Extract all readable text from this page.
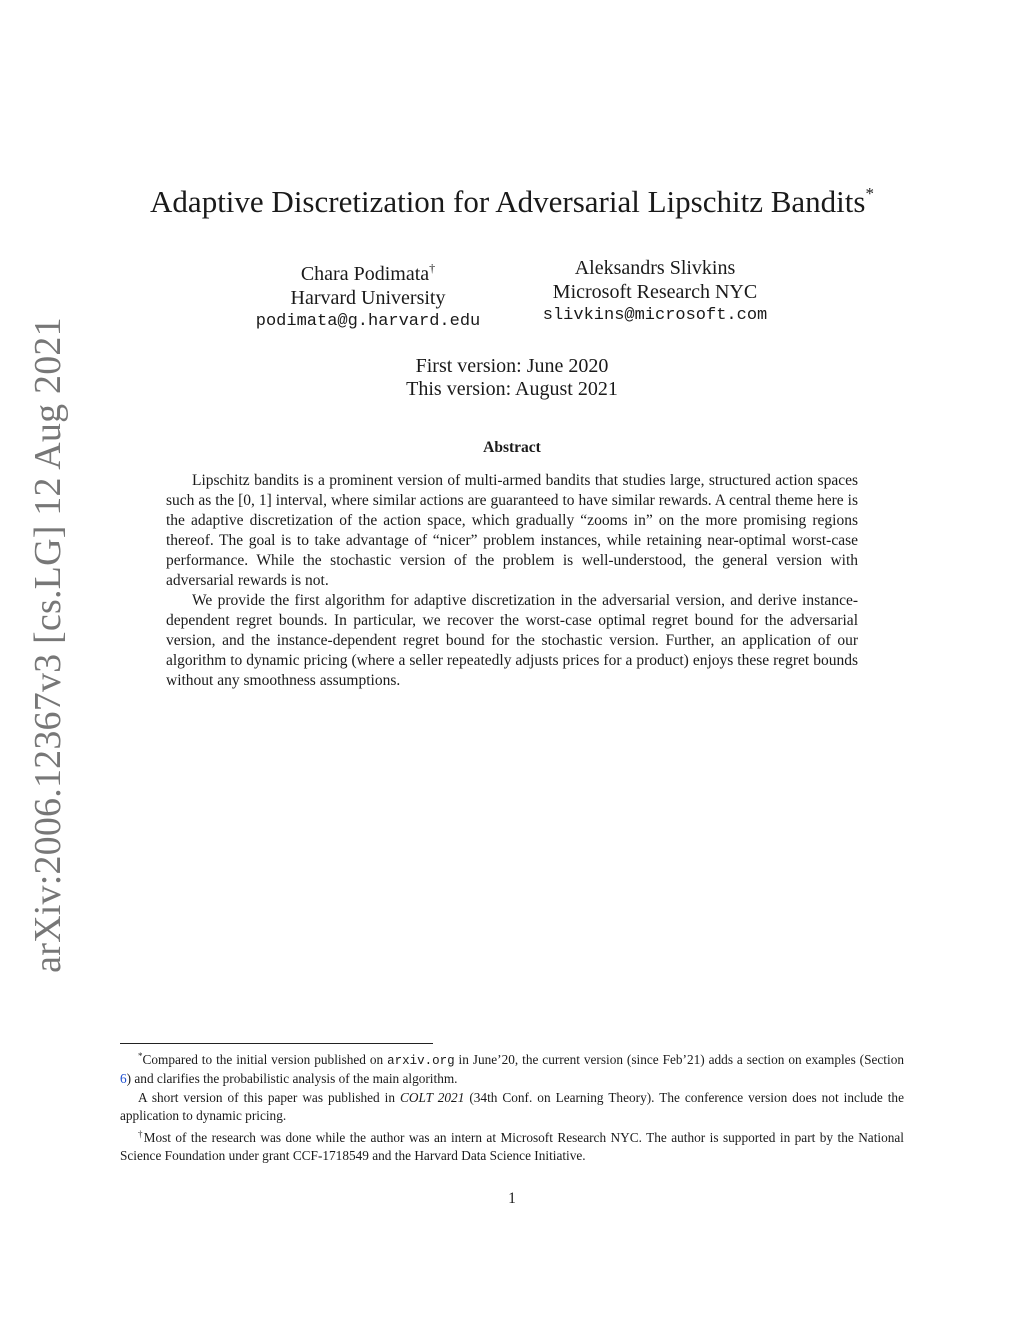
arXiv:2006.12367v3 [cs.LG] 12 Aug 2021
Adaptive Discretization for Adversarial Lipschitz Bandits*
Chara Podimata†
Harvard University
podimata@g.harvard.edu
Aleksandrs Slivkins
Microsoft Research NYC
slivkins@microsoft.com
First version: June 2020
This version: August 2021
Abstract

Lipschitz bandits is a prominent version of multi-armed bandits that studies large, structured action spaces such as the [0, 1] interval, where similar actions are guaranteed to have similar rewards. A central theme here is the adaptive discretization of the action space, which gradually “zooms in” on the more promising regions thereof. The goal is to take advantage of “nicer” problem instances, while retaining near-optimal worst-case performance. While the stochastic version of the problem is well-understood, the general version with adversarial rewards is not.

We provide the first algorithm for adaptive discretization in the adversarial version, and derive instance-dependent regret bounds. In particular, we recover the worst-case optimal regret bound for the adversarial version, and the instance-dependent regret bound for the stochastic version. Further, an application of our algorithm to dynamic pricing (where a seller repeatedly adjusts prices for a product) enjoys these regret bounds without any smoothness assumptions.

*Compared to the initial version published on arxiv.org in June’20, the current version (since Feb’21) adds a section on examples (Section 6) and clarifies the probabilistic analysis of the main algorithm.

A short version of this paper was published in COLT 2021 (34th Conf. on Learning Theory). The conference version does not include the application to dynamic pricing.

†Most of the research was done while the author was an intern at Microsoft Research NYC. The author is supported in part by the National Science Foundation under grant CCF-1718549 and the Harvard Data Science Initiative.

1
